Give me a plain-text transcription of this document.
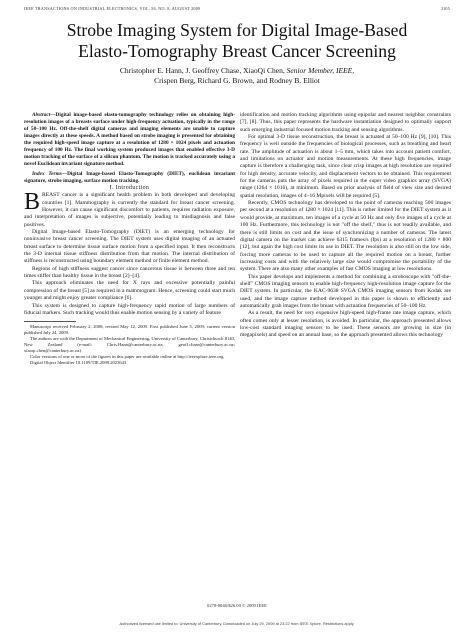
IEEE TRANSACTIONS ON INDUSTRIAL ELECTRONICS, VOL. 56, NO. 8, AUGUST 2009	3105
Strobe Imaging System for Digital Image-Based
Elasto-Tomography Breast Cancer Screening
Christopher E. Hann, J. Geoffrey Chase, XiaoQi Chen, Senior Member, IEEE,
Crispen Berg, Richard G. Brown, and Rodney B. Elliot

Abstract—Digital image-based elasto-tomography technology relies on obtaining high-resolution images of a breasts surface under high-frequency actuation, typically in the range of 50–100 Hz. Off-the-shelf digital cameras and imaging elements are unable to capture images directly at these speeds. A method based on strobe imaging is presented for obtaining the required high-speed image capture at a resolution of 1280 × 1024 pixels and actuation frequency of 100 Hz. The final working system produced images that enabled effective 3-D motion tracking of the surface of a silicon phantom. The motion is tracked accurately using a novel Euclidean invariant signature method.

Index Terms—Digital Image-based Elasto-Tomography (DIET), euclidean invariant signature, strobe imaging, surface motion tracking.

I. Introduction

BREAST cancer is a significant health problem in both developed and developing countries [1]. Mammography is currently the standard for breast cancer screening. However, it can cause significant discomfort to patients, requires radiation exposure, and interpretation of images is subjective, potentially leading to misdiagnosis and false positives.

Digital Image-based Elasto-Tomography (DIET) is an emerging technology for noninvasive breast cancer screening. The DIET system uses digital imaging of an actuated breast surface to determine tissue surface motion from a specified input. It then reconstructs the 3-D internal tissue stiffness distribution from that motion. The internal distribution of stiffness is reconstructed using boundary element method or finite element method.

Regions of high stiffness suggest cancer since cancerous tissue is between three and ten times stiffer than healthy tissue in the breast [2]–[4].

This approach eliminates the need for X rays and excessive potentially painful compression of the breast [5] as required in a mammogram. Hence, screening could start much younger and might enjoy greater compliance [6].

This system is designed to capture high-frequency rapid motion of large numbers of fiducial markers. Such tracking would thus enable motion sensing by a variety of feature

Manuscript received February 2, 2008; revised May 12, 2009. First published June 5, 2009; current version published July 24, 2009.

The authors are with the Department of Mechanical Engineering, University of Canterbury, Christchurch 8140, New Zealand (e-mail: Chris.Hann@canterbury.ac.nz; geoff.chase@canterbury.ac.nz; xiaoqi.chen@canterbury.ac.nz).

Color versions of one or more of the figures in this paper are available online at http://ieeexplore.ieee.org.

Digital Object Identifier 10.1109/TIE.2009.2023643

identification and motion tracking algorithms using epipolar and nearest neighbor constraints [7], [8]. Thus, this paper represents the hardware instantiation designed to optimally support such emerging industrial focused motion tracking and sensing algorithms.

For optimal 3-D tissue reconstruction, the breast is actuated at 50–100 Hz [9], [10]. This frequency is well outside the frequencies of biological processes, such as breathing and heart rate. The amplitude of actuation is about 1–5 mm, which takes into account patient comfort, and limitations on actuator and motion measurements. At these high frequencies, image capture is therefore a challenging task, since clear crisp images at high resolution are required for high density, accurate velocity, and displacement vectors to be obtained. This requirement for the cameras puts the array of pixels required in the super video graphics array (SVGA) range (1264 × 1016), at minimum. Based on prior analysis of field of view size and desired spatial resolution, images of 4–16 Mpixels will be required [5].

Recently, CMOS technology has developed to the point of cameras reaching 500 images per second at a resolution of 1280 × 1024 [11]. This is rather limited for the DIET system as it would provide, at maximum, ten images of a cycle at 50 Hz and only five images of a cycle at 100 Hz. Furthermore, this technology is not "off the shelf," thus is not readily available, and there is still limits on cost and the issue of synchronizing a number of cameras. The latest digital camera on the market can achieve 6315 frames/s (fps) at a resolution of 1280 × 800 [12], but again the high cost limits its use in DIET. The resolution is also still on the low side, forcing more cameras to be used to capture all the required motion on a breast, further increasing costs and with the relatively large size would compromise the portability of the system. There are also many other examples of fast CMOS imaging at low resolutions.

This paper develops and implements a method for combining a stroboscope with "off-the-shelf" CMOS imaging sensors to enable high-frequency high-resolution image capture for the DIET system. In particular, the KAC-9638 SVGA CMOS imaging sensors from Kodak are used, and the image capture method developed in this paper is shown to efficiently and automatically grab images from the breast with actuation frequencies of 50–100 Hz.

As a result, the need for very expensive high-speed high-frame rate image capture, which often comes only at lesser resolution, is avoided. In particular, the approach presented allows low-cost standard imaging sensors to be used. These sensors are growing in size (in megapixels) and speed on an annual base, so the approach presented allows this technology

0278-0046/$26.00 © 2009 IEEE
Authorized licensed use limited to: University of Canterbury. Downloaded on July 29, 2009 at 23:22 from IEEE Xplore. Restrictions apply.
